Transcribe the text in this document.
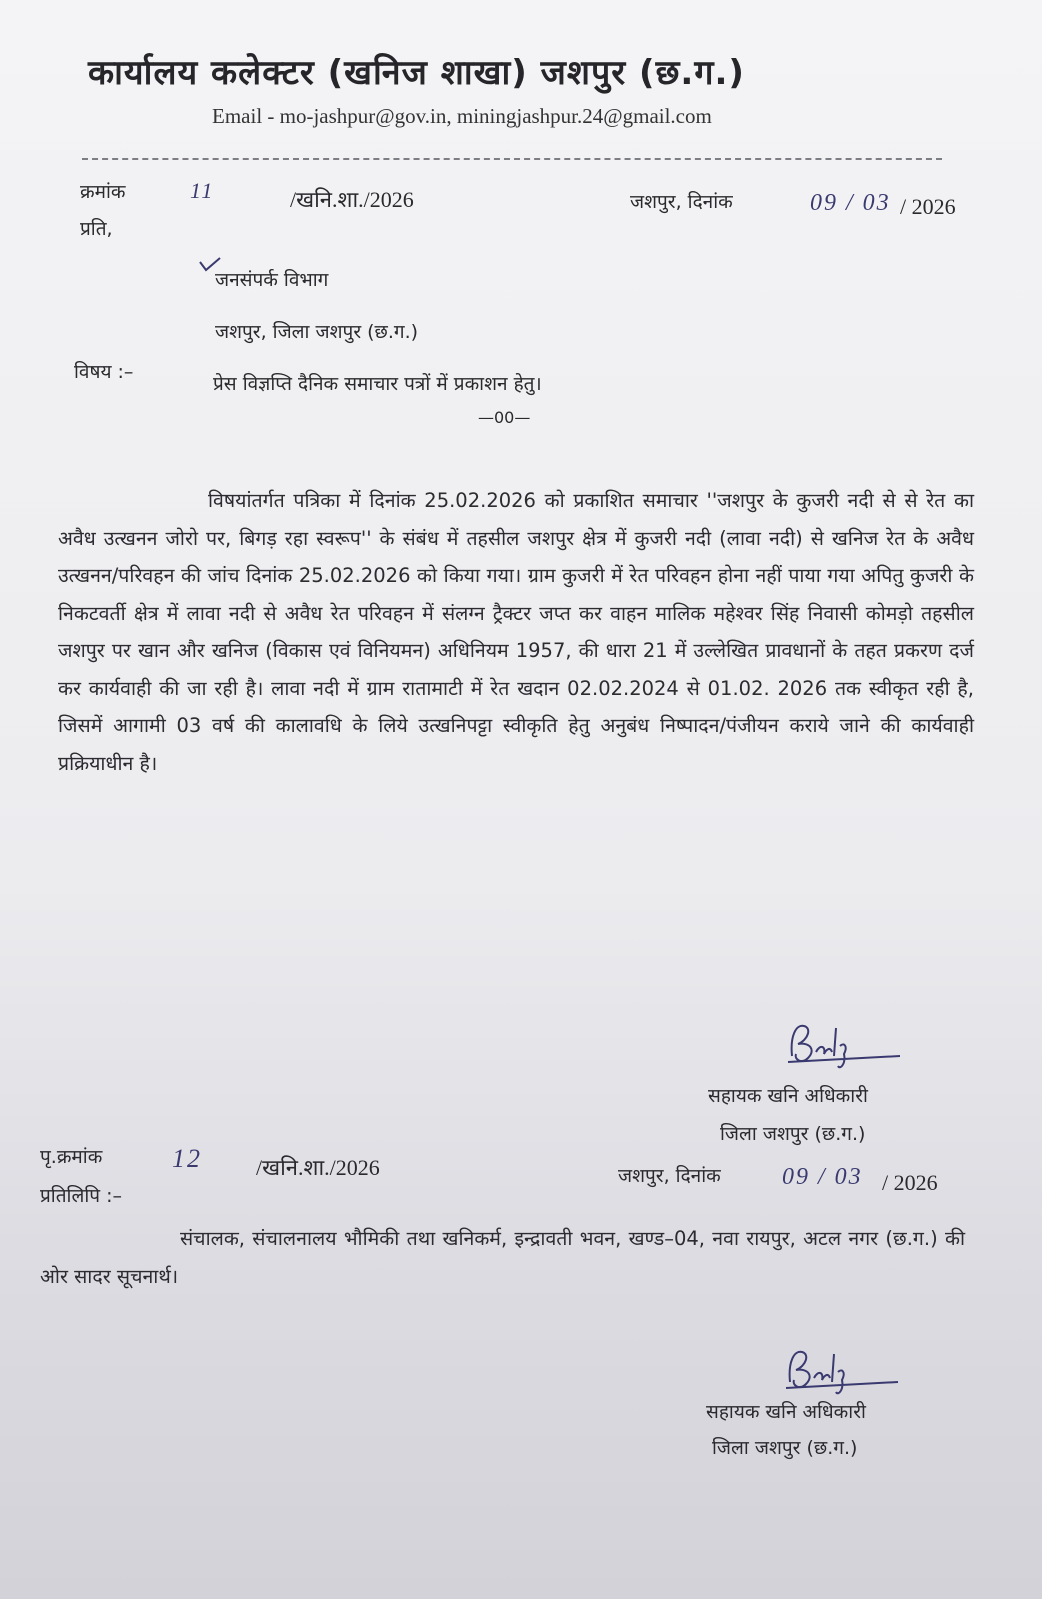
कार्यालय कलेक्टर (खनिज शाखा) जशपुर (छ.ग.)
Email - mo-jashpur@gov.in, miningjashpur.24@gmail.com
क्रमांक	11	/खनि.शा./2026	जशपुर, दिनांक	09 / 03 / 2026
प्रति,
जनसंपर्क विभाग
जशपुर, जिला जशपुर (छ.ग.)
विषय :–
प्रेस विज्ञप्ति दैनिक समाचार पत्रों में प्रकाशन हेतु।
—00—
विषयांतर्गत पत्रिका में दिनांक 25.02.2026 को प्रकाशित समाचार ''जशपुर के कुजरी नदी से से रेत का अवैध उत्खनन जोरो पर, बिगड़ रहा स्वरूप'' के संबंध में तहसील जशपुर क्षेत्र में कुजरी नदी (लावा नदी) से खनिज रेत के अवैध उत्खनन/परिवहन की जांच दिनांक 25.02.2026 को किया गया। ग्राम कुजरी में रेत परिवहन होना नहीं पाया गया अपितु कुजरी के निकटवर्ती क्षेत्र में लावा नदी से अवैध रेत परिवहन में संलग्न ट्रैक्टर जप्त कर वाहन मालिक महेश्वर सिंह निवासी कोमड़ो तहसील जशपुर पर खान और खनिज (विकास एवं विनियमन) अधिनियम 1957, की धारा 21 में उल्लेखित प्रावधानों के तहत प्रकरण दर्ज कर कार्यवाही की जा रही है। लावा नदी में ग्राम रातामाटी में रेत खदान 02.02.2024 से 01.02. 2026 तक स्वीकृत रही है, जिसमें आगामी 03 वर्ष की कालावधि के लिये उत्खनिपट्टा स्वीकृति हेतु अनुबंध निष्पादन/पंजीयन कराये जाने की कार्यवाही प्रक्रियाधीन है।
सहायक खनि अधिकारी
जिला जशपुर (छ.ग.)
पृ.क्रमांक	12 /खनि.शा./2026	जशपुर, दिनांक	09 / 03 / 2026
प्रतिलिपि :–
संचालक, संचालनालय भौमिकी तथा खनिकर्म, इन्द्रावती भवन, खण्ड–04, नवा रायपुर, अटल नगर (छ.ग.) की ओर सादर सूचनार्थ।
सहायक खनि अधिकारी
जिला जशपुर (छ.ग.)
